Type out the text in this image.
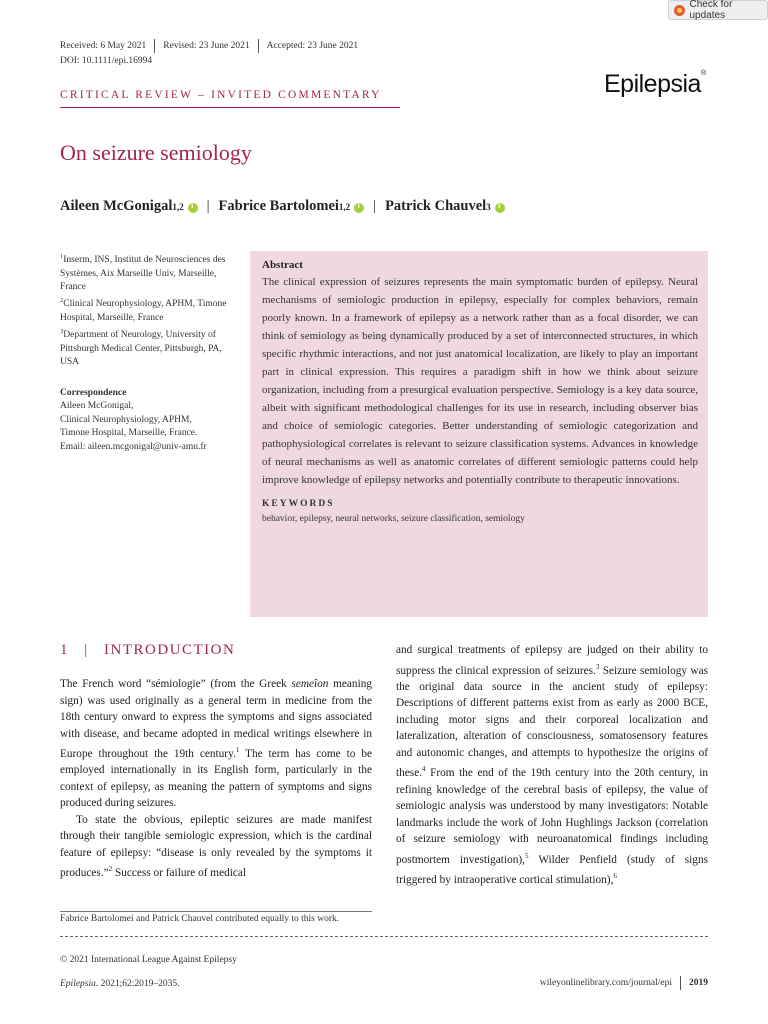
Check for updates
Received: 6 May 2021 Revised: 23 June 2021 Accepted: 23 June 2021
DOI: 10.1111/epi.16994
Epilepsia®
CRITICAL REVIEW – INVITED COMMENTARY
On seizure semiology
Aileen McGonigal 1,2 i | Fabrice Bartolomei 1,2 i | Patrick Chauvel 3
i

$^1$Inserm, INS, Institut de Neurosciences des Systèmes, Aix Marseille Univ, Marseille, France

$^2$Clinical Neurophysiology, APHM, Timone Hospital, Marseille, France

$^3$Department of Neurology, University of Pittsburgh Medical Center, Pittsburgh, PA, USA

Correspondence
Aileen McGonigal,
Clinical Neurophysiology, APHM,
Timone Hospital, Marseille, France.
Email: aileen.mcgonigal@univ-amu.fr
Abstract
The clinical expression of seizures represents the main symptomatic burden of epilepsy. Neural mechanisms of semiologic production in epilepsy, especially for complex behaviors, remain poorly known. In a framework of epilepsy as a network rather than as a focal disorder, we can think of semiology as being dynamically produced by a set of interconnected structures, in which specific rhythmic interactions, and not just anatomical localization, are likely to play an important part in clinical expression. This requires a paradigm shift in how we think about seizure organization, including from a presurgical evaluation perspective. Semiology is a key data source, albeit with significant methodological challenges for its use in research, including observer bias and choice of semiologic categories. Better understanding of semiologic categorization and pathophysiological correlates is relevant to seizure classification systems. Advances in knowledge of neural mechanisms as well as anatomic correlates of different semiologic patterns could help improve knowledge of epilepsy networks and potentially contribute to therapeutic innovations.
KEYWORDS
behavior, epilepsy, neural networks, seizure classification, semiology
1 | INTRODUCTION

The French word “sémiologie” (from the Greek semeîon meaning sign) was used originally as a general term in medicine from the 18th century onward to express the symptoms and signs associated with disease, and became adopted in medical writings elsewhere in Europe throughout the 19th century.$^1$ The term has come to be employed internationally in its English form, particularly in the context of epilepsy, as meaning the pattern of symptoms and signs produced during seizures.

To state the obvious, epileptic seizures are made manifest through their tangible semiologic expression, which is the cardinal feature of epilepsy: “disease is only revealed by the symptoms it produces.”$^2$ Success or failure of medical

and surgical treatments of epilepsy are judged on their ability to suppress the clinical expression of seizures.$^3$ Seizure semiology was the original data source in the ancient study of epilepsy: Descriptions of different patterns exist from as early as 2000 BCE, including motor signs and their corporeal localization and lateralization, alteration of consciousness, somatosensory features and autonomic changes, and attempts to hypothesize the origins of these.$^4$ From the end of the 19th century into the 20th century, in refining knowledge of the cerebral basis of epilepsy, the value of semiologic analysis was understood by many investigators: Notable landmarks include the work of John Hughlings Jackson (correlation of seizure semiology with neuroanatomical findings including postmortem investigation),$^5$ Wilder Penfield (study of signs triggered by intraoperative cortical stimulation),$^6$

Fabrice Bartolomei and Patrick Chauvel contributed equally to this work.
© 2021 International League Against Epilepsy
Epilepsia. 2021;62:2019–2035.	wileyonlinelibrary.com/journal/epi 2019
